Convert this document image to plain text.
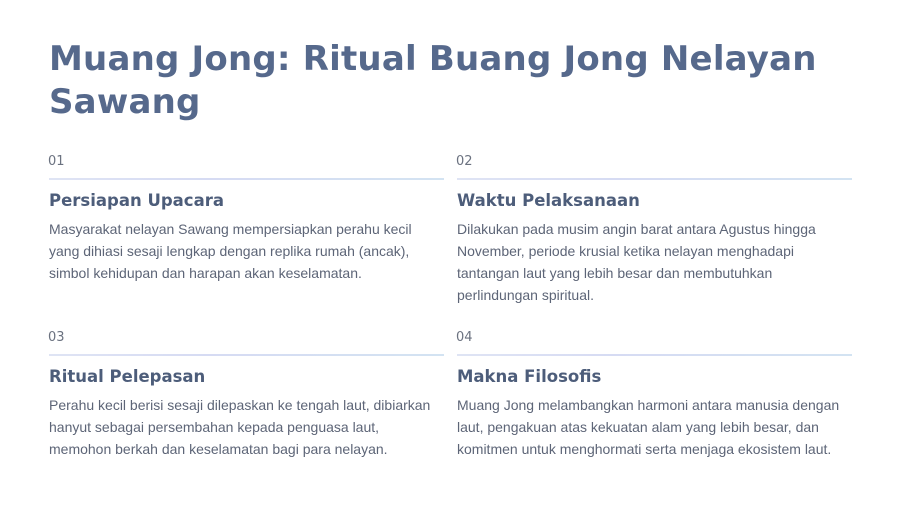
Muang Jong: Ritual Buang Jong Nelayan Sawang
01
Persiapan Upacara

Masyarakat nelayan Sawang mempersiapkan perahu kecil yang dihiasi sesaji lengkap dengan replika rumah (ancak), simbol kehidupan dan harapan akan keselamatan.

02
Waktu Pelaksanaan

Dilakukan pada musim angin barat antara Agustus hingga November, periode krusial ketika nelayan menghadapi tantangan laut yang lebih besar dan membutuhkan perlindungan spiritual.

03
Ritual Pelepasan

Perahu kecil berisi sesaji dilepaskan ke tengah laut, dibiarkan hanyut sebagai persembahan kepada penguasa laut, memohon berkah dan keselamatan bagi para nelayan.

04
Makna Filosofis

Muang Jong melambangkan harmoni antara manusia dengan laut, pengakuan atas kekuatan alam yang lebih besar, dan komitmen untuk menghormati serta menjaga ekosistem laut.
